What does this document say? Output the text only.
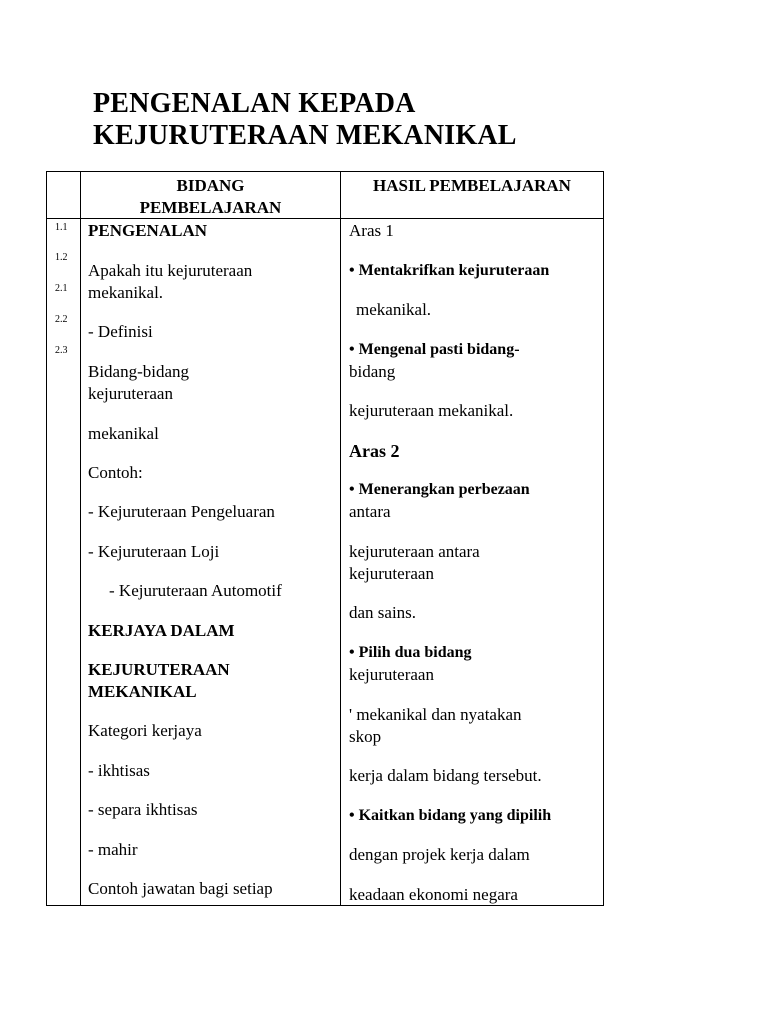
PENGENALAN KEPADA
KEJURUTERAAN MEKANIKAL
BIDANG
PEMBELAJARAN
HASIL PEMBELAJARAN
1.1
1.2
2.1
2.2
2.3
PENGENALAN
Apakah itu kejuruteraan
mekanikal.
- Definisi
Bidang-bidang
kejuruteraan
mekanikal
Contoh:
- Kejuruteraan Pengeluaran
- Kejuruteraan Loji
- Kejuruteraan Automotif
KERJAYA DALAM
KEJURUTERAAN
MEKANIKAL
Kategori kerjaya
- ikhtisas
- separa ikhtisas
- mahir
Contoh jawatan bagi setiap
Aras 1
• Mentakrifkan kejuruteraan
mekanikal.
• Mengenal pasti bidang-
bidang
kejuruteraan mekanikal.
Aras 2
• Menerangkan perbezaan
antara
kejuruteraan antara
kejuruteraan
dan sains.
• Pilih dua bidang
kejuruteraan
' mekanikal dan nyatakan
skop
kerja dalam bidang tersebut.
• Kaitkan bidang yang dipilih
dengan projek kerja dalam
keadaan ekonomi negara
